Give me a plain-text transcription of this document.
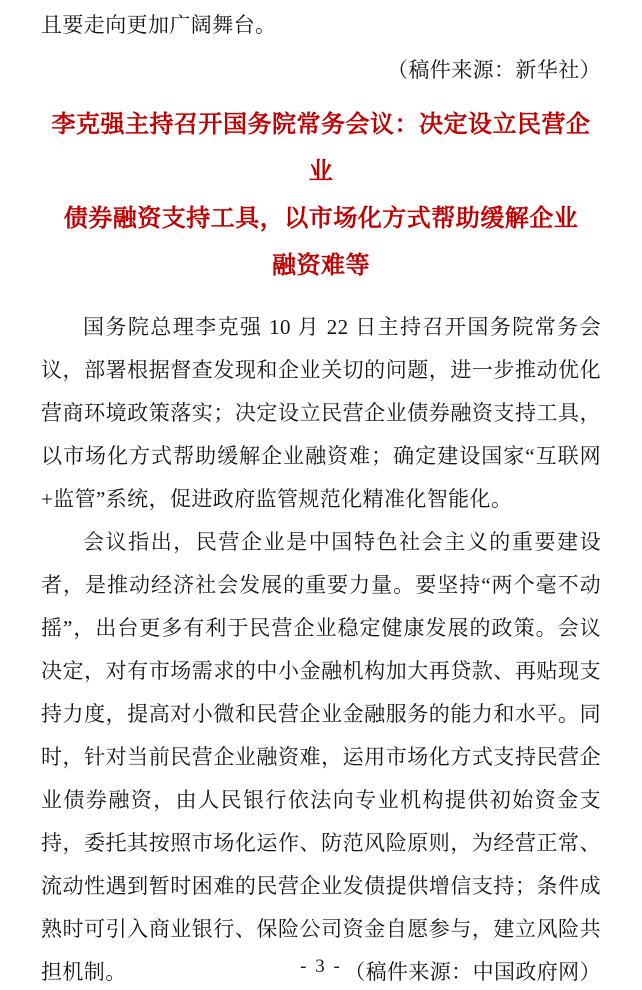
且要走向更加广阔舞台。
（稿件来源：新华社）
李克强主持召开国务院常务会议：决定设立民营企业
债券融资支持工具，以市场化方式帮助缓解企业
融资难等

国务院总理李克强 10 月 22 日主持召开国务院常务会议，部署根据督查发现和企业关切的问题，进一步推动优化营商环境政策落实；决定设立民营企业债券融资支持工具，以市场化方式帮助缓解企业融资难；确定建设国家“互联网+监管”系统，促进政府监管规范化精准化智能化。

会议指出，民营企业是中国特色社会主义的重要建设者，是推动经济社会发展的重要力量。要坚持“两个毫不动摇”，出台更多有利于民营企业稳定健康发展的政策。会议决定，对有市场需求的中小金融机构加大再贷款、再贴现支持力度，提高对小微和民营企业金融服务的能力和水平。同时，针对当前民营企业融资难，运用市场化方式支持民营企业债券融资，由人民银行依法向专业机构提供初始资金支持，委托其按照市场化运作、防范风险原则，为经营正常、流动性遇到暂时困难的民营企业发债提供增信支持；条件成熟时可引入商业银行、保险公司资金自愿参与，建立风险共担机制。	（稿件来源：中国政府网）

- 3 -
